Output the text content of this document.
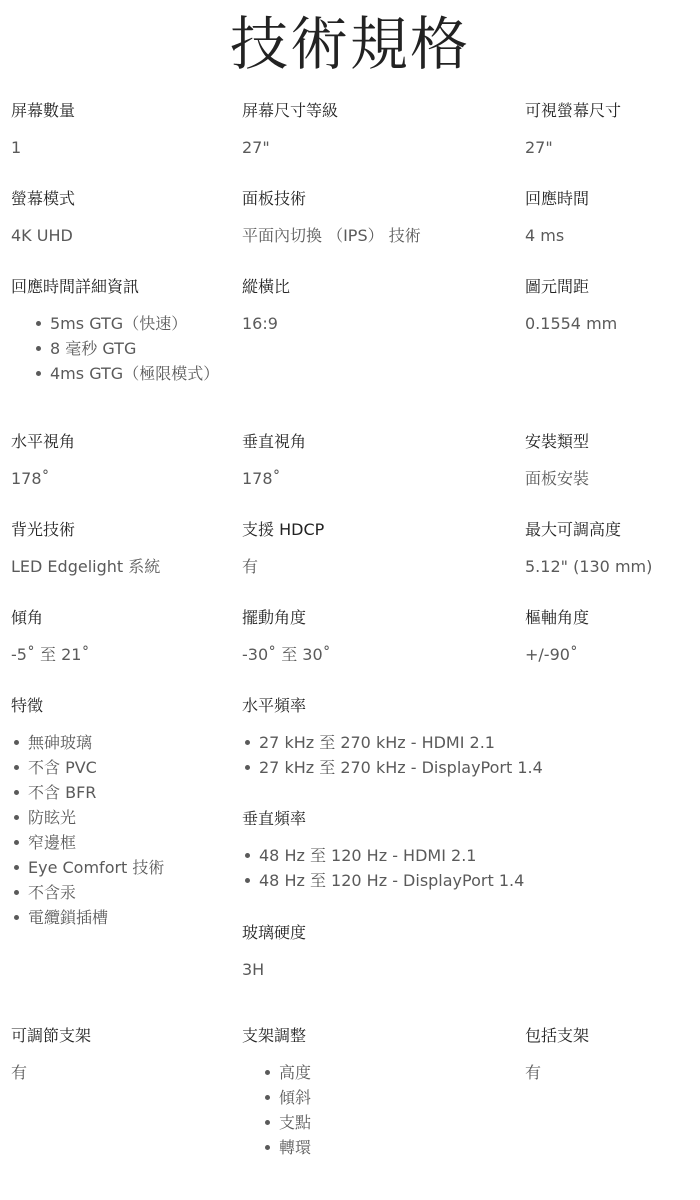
技術規格
屏幕數量
1
屏幕尺寸等級
27"
可視螢幕尺寸
27"
螢幕模式
4K UHD
面板技術
平面內切換 （IPS） 技術
回應時間
4 ms
回應時間詳細資訊
5ms GTG（快速）
8 毫秒 GTG
4ms GTG（極限模式）
縱橫比
16:9
圖元間距
0.1554 mm
水平視角
178˚
垂直視角
178˚
安裝類型
面板安裝
背光技術
LED Edgelight 系統
支援 HDCP
有
最大可調高度
5.12" (130 mm)
傾角
-5˚ 至 21˚
擺動角度
-30˚ 至 30˚
樞軸角度
+/-90˚
特徵
無砷玻璃
不含 PVC
不含 BFR
防眩光
窄邊框
Eye Comfort 技術
不含汞
電纜鎖插槽
水平頻率
27 kHz 至 270 kHz - HDMI 2.1
27 kHz 至 270 kHz - DisplayPort 1.4
垂直頻率
48 Hz 至 120 Hz - HDMI 2.1
48 Hz 至 120 Hz - DisplayPort 1.4
玻璃硬度
3H
可調節支架
有
支架調整
高度
傾斜
支點
轉環
包括支架
有
